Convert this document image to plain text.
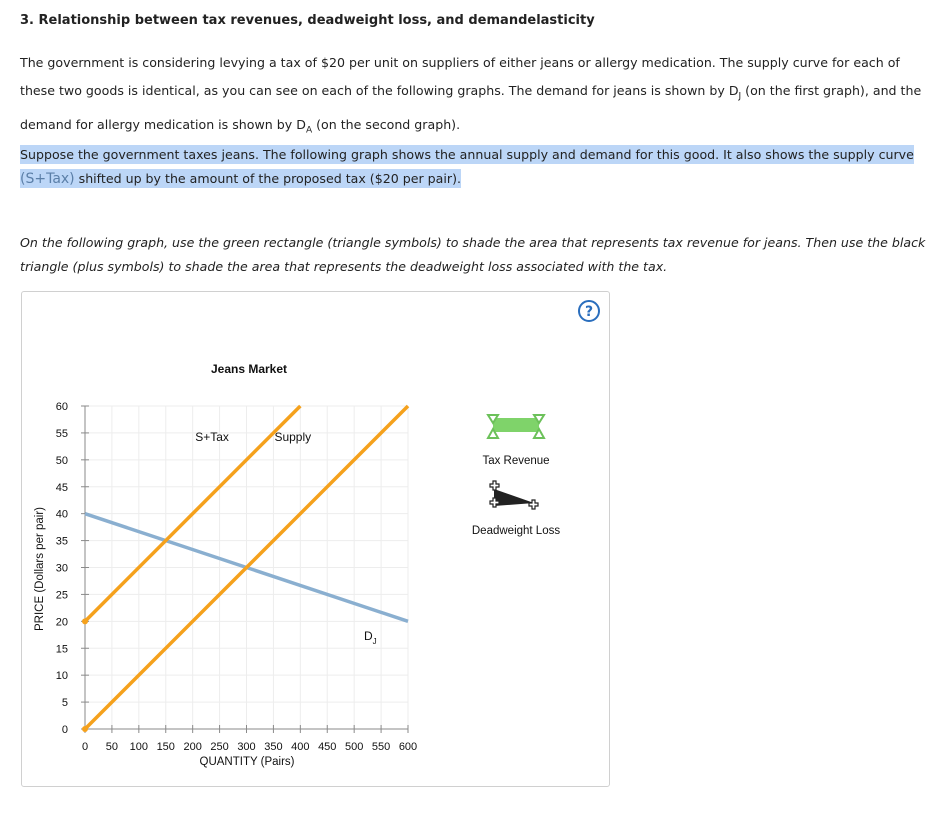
3. Relationship between tax revenues, deadweight loss, and demandelasticity
The government is considering levying a tax of $20 per unit on suppliers of either jeans or allergy medication. The supply curve for each of these two goods is identical, as you can see on each of the following graphs. The demand for jeans is shown by $D_J$ (on the first graph), and the demand for allergy medication is shown by $D_A$ (on the second graph).
Suppose the government taxes jeans. The following graph shows the annual supply and demand for this good. It also shows the supply curve
(S+Tax) shifted up by the amount of the proposed tax ($20 per pair).
On the following graph, use the green rectangle (triangle symbols) to shade the area that represents tax revenue for jeans. Then use the black triangle (plus symbols) to shade the area that represents the deadweight loss associated with the tax.
?
0 50 100 150 200 250 300 350 400 450 500 550 600
0
5
10
15
20
25
30
35
40
45
50
55
60
Supply
S+Tax
$D_J$
Jeans Market
QUANTITY (Pairs)
PRICE (Dollars per pair)
Tax Revenue
Deadweight Loss
